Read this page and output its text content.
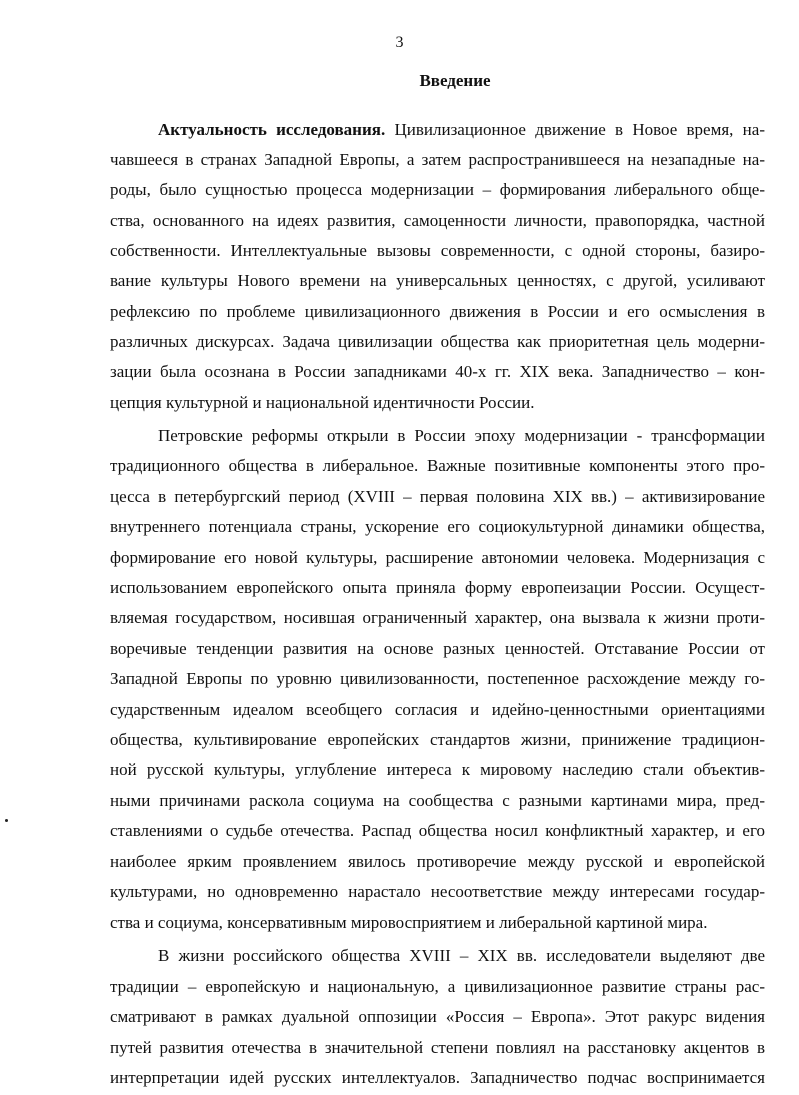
3
Введение
Актуальность исследования. Цивилизационное движение в Новое время, на-
чавшееся в странах Западной Европы, а затем распространившееся на незападные на-
роды, было сущностью процесса модернизации – формирования либерального обще-
ства, основанного на идеях развития, самоценности личности, правопорядка, частной
собственности. Интеллектуальные вызовы современности, с одной стороны, базиро-
вание культуры Нового времени на универсальных ценностях, с другой, усиливают
рефлексию по проблеме цивилизационного движения в России и его осмысления в
различных дискурсах. Задача цивилизации общества как приоритетная цель модерни-
зации была осознана в России западниками 40-х гг. XIX века. Западничество – кон-
цепция культурной и национальной идентичности России.
Петровские реформы открыли в России эпоху модернизации - трансформации
традиционного общества в либеральное. Важные позитивные компоненты этого про-
цесса в петербургский период (XVIII – первая половина XIX вв.) – активизирование
внутреннего потенциала страны, ускорение его социокультурной динамики общества,
формирование его новой культуры, расширение автономии человека. Модернизация с
использованием европейского опыта приняла форму европеизации России. Осущест-
вляемая государством, носившая ограниченный характер, она вызвала к жизни проти-
воречивые тенденции развития на основе разных ценностей. Отставание России от
Западной Европы по уровню цивилизованности, постепенное расхождение между го-
сударственным идеалом всеобщего согласия и идейно-ценностными ориентациями
общества, культивирование европейских стандартов жизни, принижение традицион-
ной русской культуры, углубление интереса к мировому наследию стали объектив-
ными причинами раскола социума на сообщества с разными картинами мира, пред-
ставлениями о судьбе отечества. Распад общества носил конфликтный характер, и его
наиболее ярким проявлением явилось противоречие между русской и европейской
культурами, но одновременно нарастало несоответствие между интересами государ-
ства и социума, консервативным мировосприятием и либеральной картиной мира.
В жизни российского общества XVIII – XIX вв. исследователи выделяют две
традиции – европейскую и национальную, а цивилизационное развитие страны рас-
сматривают в рамках дуальной оппозиции «Россия – Европа». Этот ракурс видения
путей развития отечества в значительной степени повлиял на расстановку акцентов в
интерпретации идей русских интеллектуалов. Западничество подчас воспринимается
